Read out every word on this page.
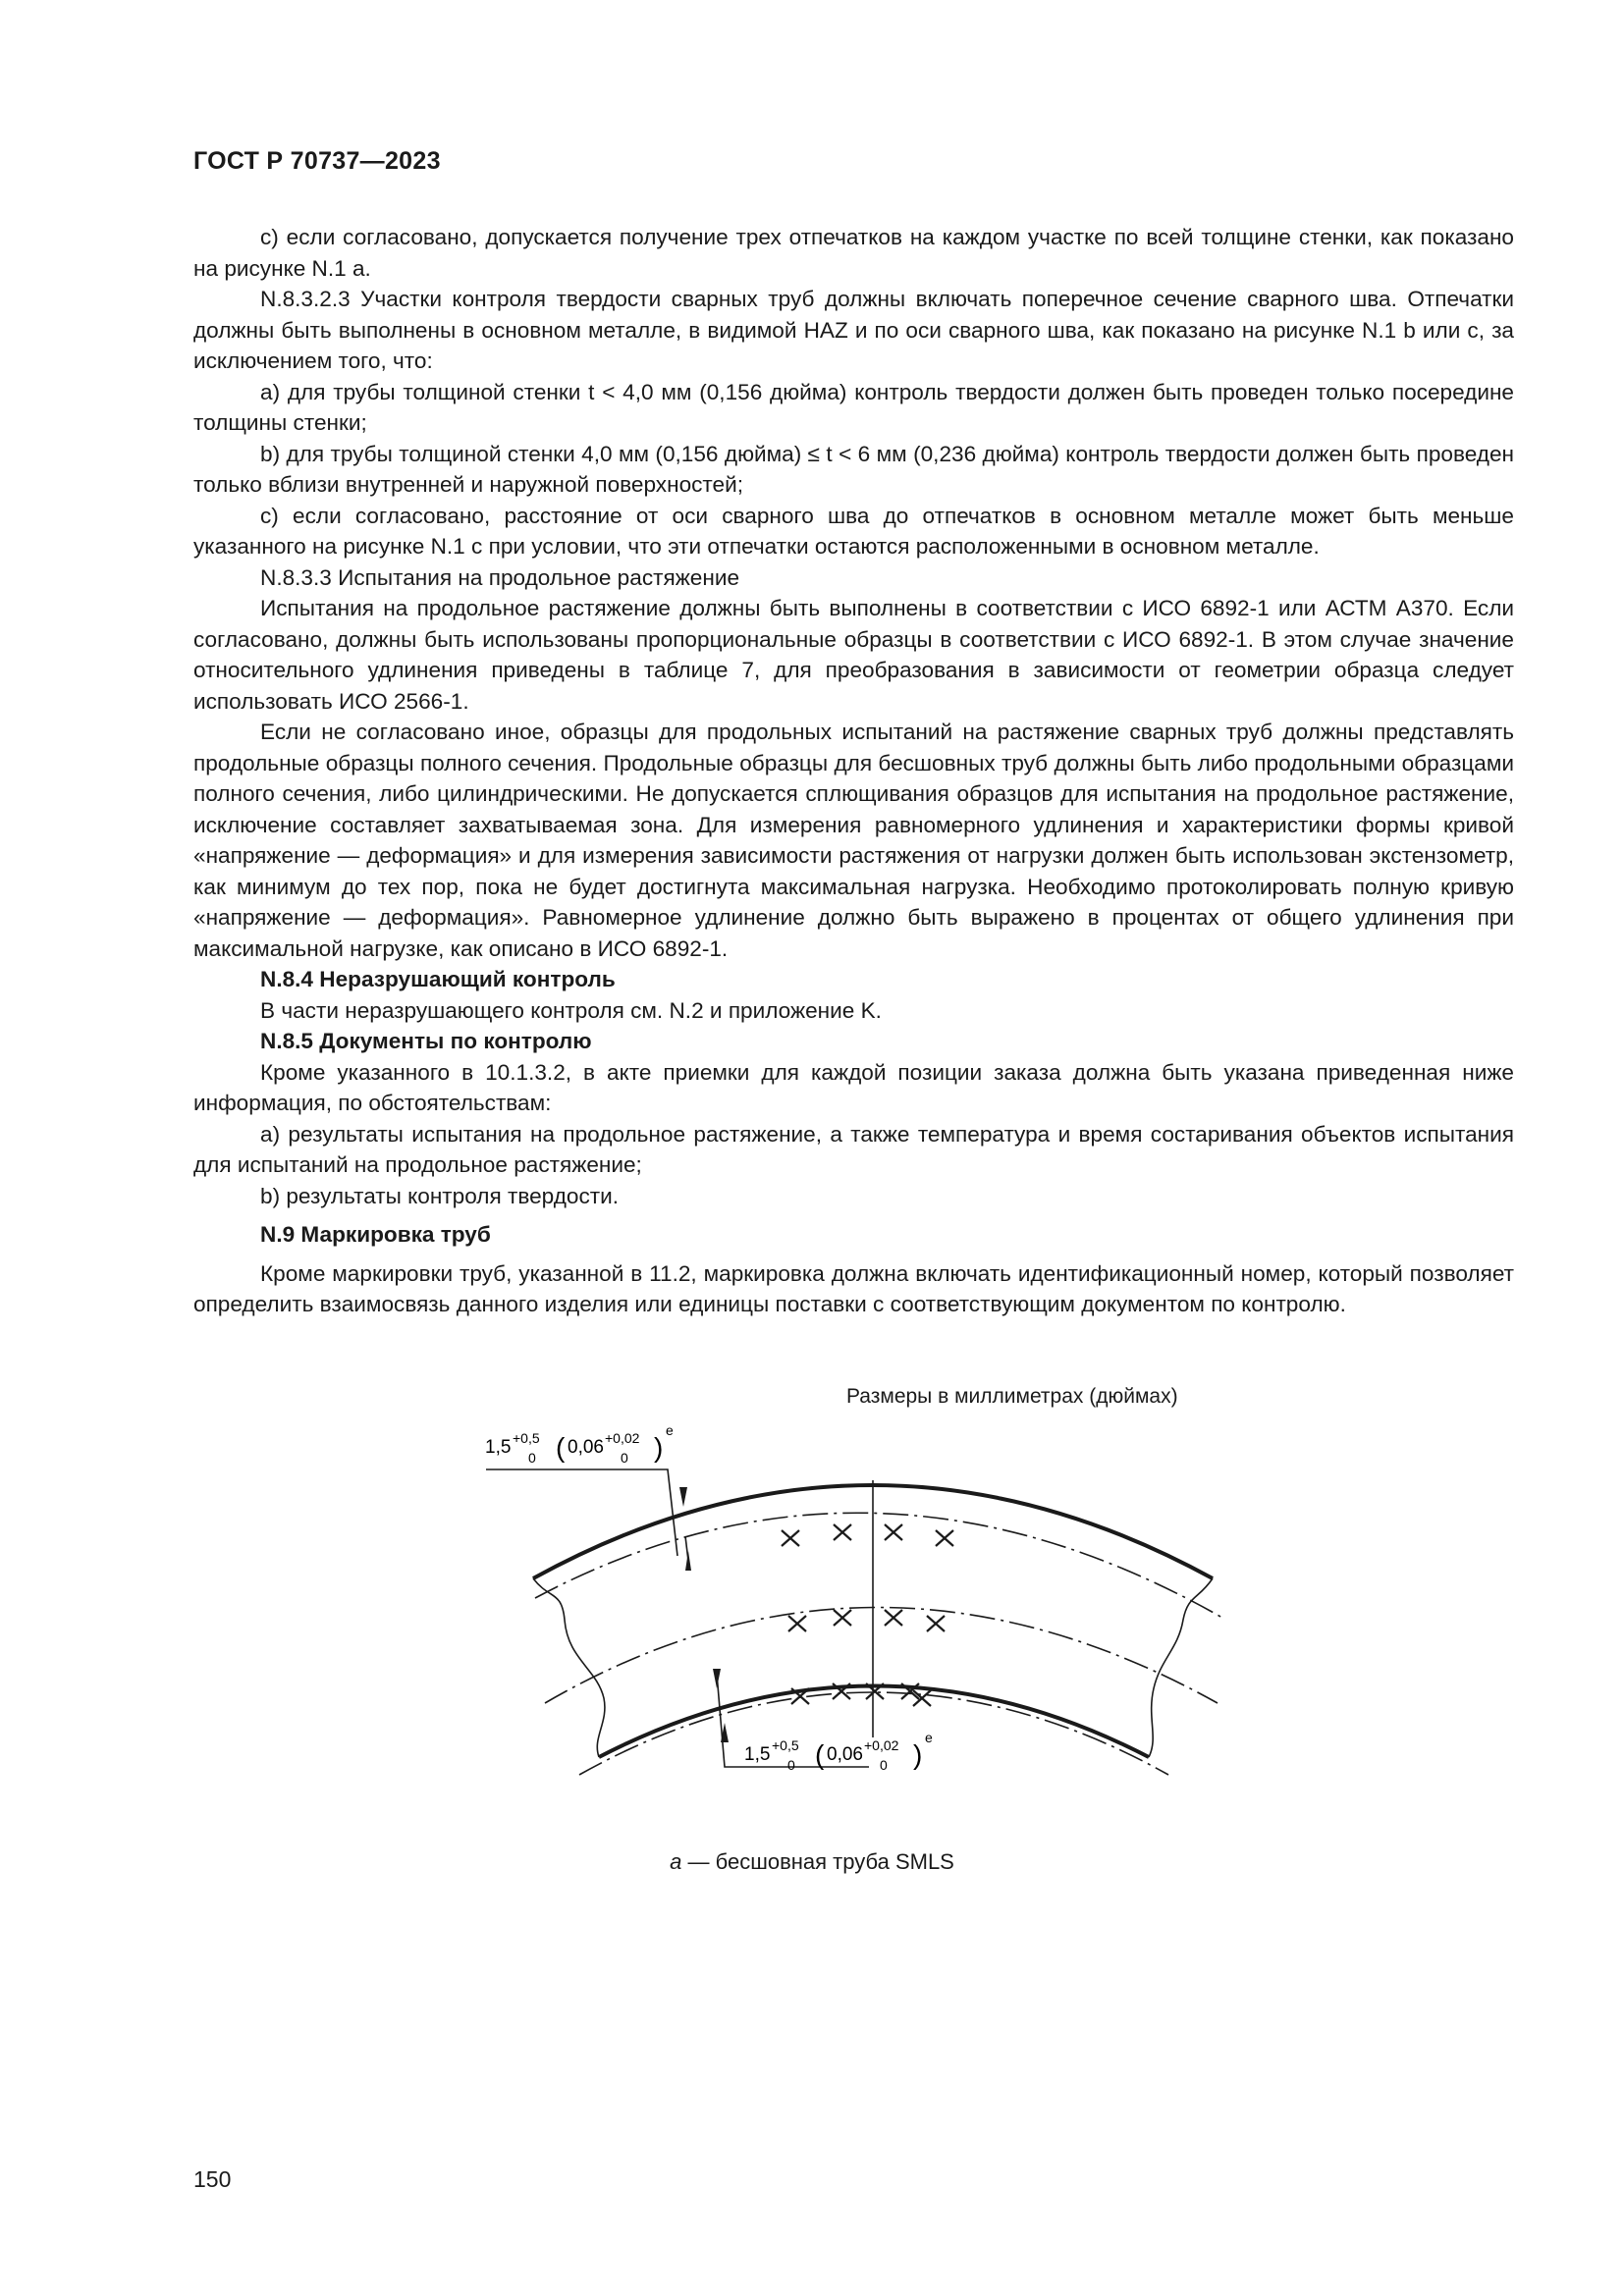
ГОСТ Р 70737—2023

c) если согласовано, допускается получение трех отпечатков на каждом участке по всей толщине стенки, как показано на рисунке N.1 а.

N.8.3.2.3 Участки контроля твердости сварных труб должны включать поперечное сечение сварного шва. Отпечатки должны быть выполнены в основном металле, в видимой HAZ и по оси сварного шва, как показано на рисунке N.1 b или с, за исключением того, что:

а) для трубы толщиной стенки t < 4,0 мм (0,156 дюйма) контроль твердости должен быть проведен только посередине толщины стенки;

b) для трубы толщиной стенки 4,0 мм (0,156 дюйма) ≤ t < 6 мм (0,236 дюйма) контроль твердости должен быть проведен только вблизи внутренней и наружной поверхностей;

c) если согласовано, расстояние от оси сварного шва до отпечатков в основном металле может быть меньше указанного на рисунке N.1 с при условии, что эти отпечатки остаются расположенными в основном металле.

N.8.3.3 Испытания на продольное растяжение

Испытания на продольное растяжение должны быть выполнены в соответствии с ИСО 6892-1 или АСТМ А370. Если согласовано, должны быть использованы пропорциональные образцы в соответствии с ИСО 6892-1. В этом случае значение относительного удлинения приведены в таблице 7, для преобразования в зависимости от геометрии образца следует использовать ИСО 2566-1.

Если не согласовано иное, образцы для продольных испытаний на растяжение сварных труб должны представлять продольные образцы полного сечения. Продольные образцы для бесшовных труб должны быть либо продольными образцами полного сечения, либо цилиндрическими. Не допускается сплющивания образцов для испытания на продольное растяжение, исключение составляет захватываемая зона. Для измерения равномерного удлинения и характеристики формы кривой «напряжение — деформация» и для измерения зависимости растяжения от нагрузки должен быть использован экстензометр, как минимум до тех пор, пока не будет достигнута максимальная нагрузка. Необходимо протоколировать полную кривую «напряжение — деформация». Равномерное удлинение должно быть выражено в процентах от общего удлинения при максимальной нагрузке, как описано в ИСО 6892-1.

N.8.4 Неразрушающий контроль

В части неразрушающего контроля см. N.2 и приложение K.

N.8.5 Документы по контролю

Кроме указанного в 10.1.3.2, в акте приемки для каждой позиции заказа должна быть указана приведенная ниже информация, по обстоятельствам:

а) результаты испытания на продольное растяжение, а также температура и время состаривания объектов испытания для испытаний на продольное растяжение;

b) результаты контроля твердости.

N.9 Маркировка труб

Кроме маркировки труб, указанной в 11.2, маркировка должна включать идентификационный номер, который позволяет определить взаимосвязь данного изделия или единицы поставки с соответствующим документом по контролю.

Размеры в миллиметрах (дюймах)
1,5 +0,5
0 ( 0,06 +0,02
0 )
e
1,5 +0,5
0 ( 0,06 +0,02
0 )
e
а — бесшовная труба SMLS
150
